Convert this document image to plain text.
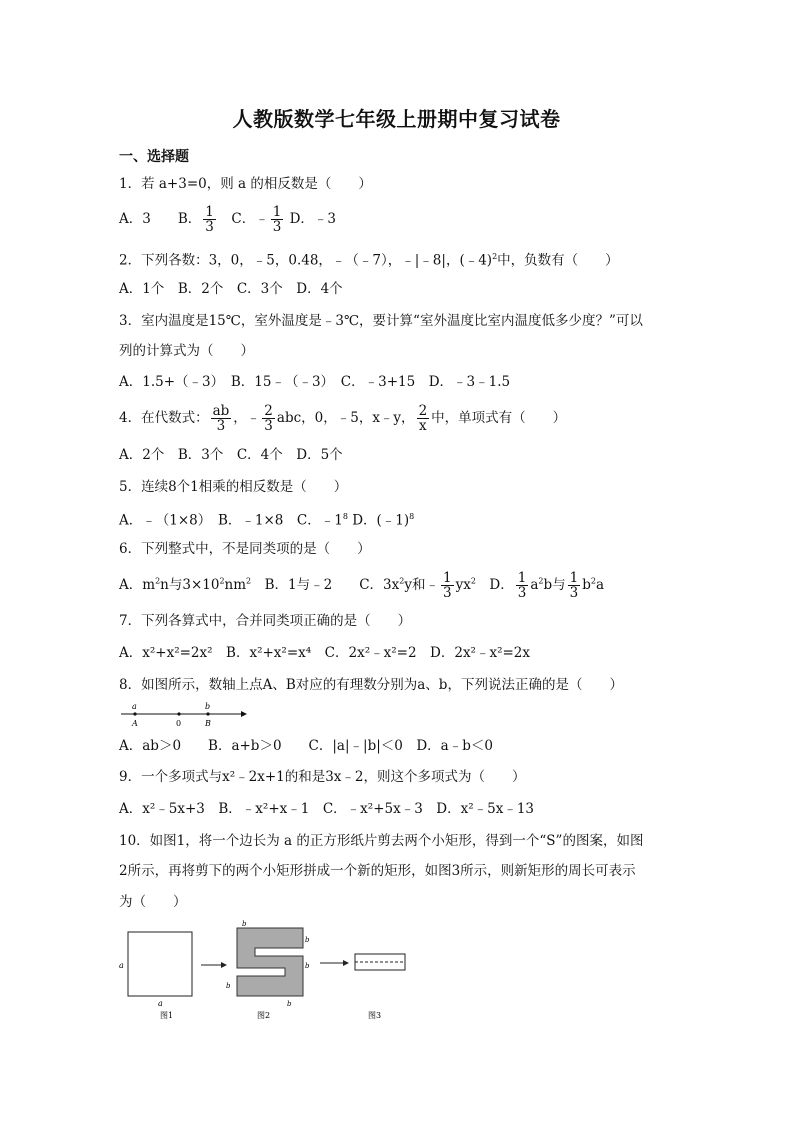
人教版数学七年级上册期中复习试卷
一、选择题
1．若 a+3=0，则 a 的相反数是（　　）
A．3　　B． $\frac{1}{3}$ 　C．﹣ $\frac{1}{3}$ D．﹣3
2．下列各数：3，0，﹣5，0.48，﹣（﹣7），﹣|﹣8|，(﹣4)$^2$中，负数有（　　）
A．1个　B．2个　C．3个　D．4个
3．室内温度是15℃，室外温度是﹣3℃，要计算“室外温度比室内温度低多少度？”可以
列的计算式为（　　）
A．1.5+（﹣3）　B．15﹣（﹣3）　C．﹣3+15　D．﹣3﹣1.5
4．在代数式： $\frac{ab}{3}$ ，﹣ $\frac{2}{3}$ abc，0，﹣5，x﹣y， $\frac{2}{x}$ 中，单项式有（　　）
A．2个　B．3个　C．4个　D．5个
5．连续8个1相乘的相反数是（　　）
A．﹣（1×8）　B．﹣1×8　C．$﹣1^8$ D．(﹣1)$^8$
6．下列整式中，不是同类项的是（　　）
A．$m^2n$与$3\times 10^2nm^2$　B．1与﹣2　　C．$3x^2y$和﹣ $\frac{1}{3} yx^2$　D． $\frac{1}{3} a^2b$与 $\frac{1}{3} b^2a$
7．下列各算式中，合并同类项正确的是（　　）
A．x²+x²=2x²　B．x²+x²=x⁴　C．2x²﹣x²=2　D．2x²﹣x²=2x
8．如图所示，数轴上点A、B对应的有理数分别为a、b，下列说法正确的是（　　）
a
A	0
b
B
A．ab＞0　　B．a+b＞0　　C．|a|﹣|b|＜0　D．a﹣b＜0
9．一个多项式与x²﹣2x+1的和是3x﹣2，则这个多项式为（　　）
A．x²﹣5x+3　B．﹣x²+x﹣1　C．﹣x²+5x﹣3　D．x²﹣5x﹣13
10．如图1，将一个边长为 a 的正方形纸片剪去两个小矩形，得到一个“S”的图案，如图
2所示，再将剪下的两个小矩形拼成一个新的矩形，如图3所示，则新矩形的周长可表示
为（　　）
a
a
b
b
b
b
b
图1	图2	图3
